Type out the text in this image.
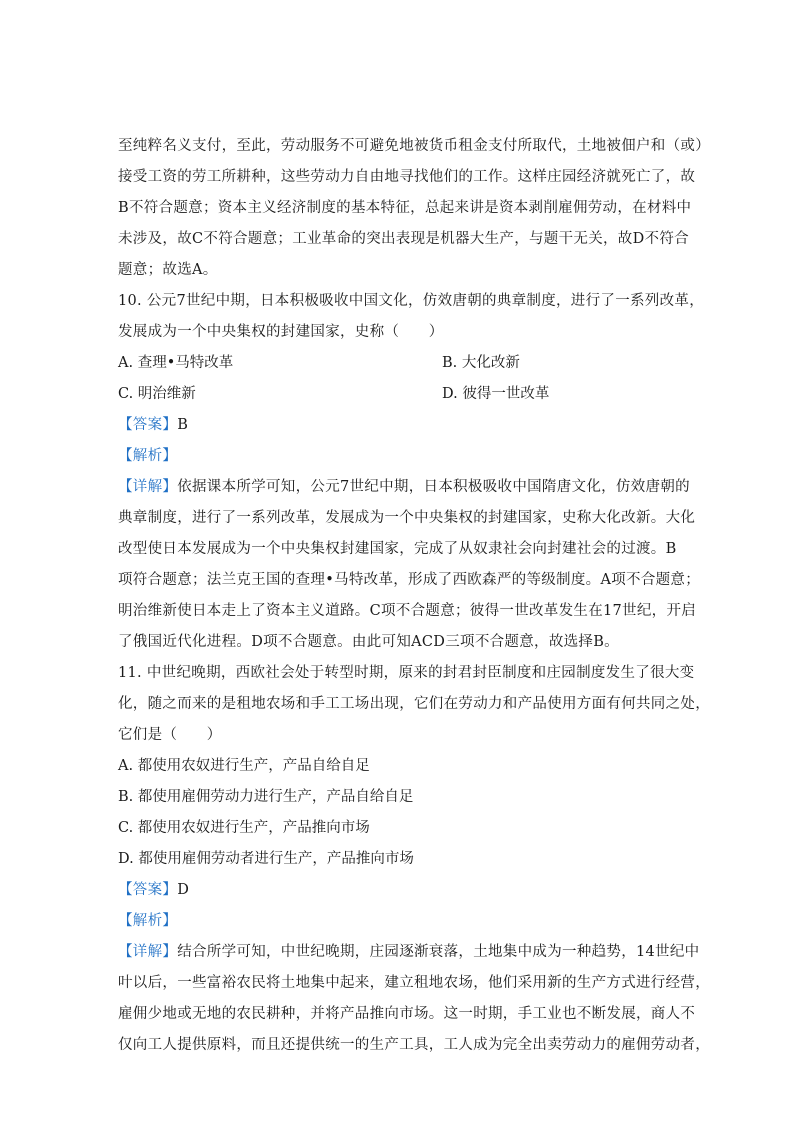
至纯粹名义支付，至此，劳动服务不可避免地被货币租金支付所取代，土地被佃户和（或）
接受工资的劳工所耕种，这些劳动力自由地寻找他们的工作。这样庄园经济就死亡了，故
B不符合题意；资本主义经济制度的基本特征，总起来讲是资本剥削雇佣劳动，在材料中
未涉及，故C不符合题意；工业革命的突出表现是机器大生产，与题干无关，故D不符合
题意；故选A。
10. 公元7世纪中期，日本积极吸收中国文化，仿效唐朝的典章制度，进行了一系列改革，
发展成为一个中央集权的封建国家，史称（　　）
A. 查理•马特改革	B. 大化改新
C. 明治维新	D. 彼得一世改革
【答案】B
【解析】
【详解】依据课本所学可知，公元7世纪中期，日本积极吸收中国隋唐文化，仿效唐朝的
典章制度，进行了一系列改革，发展成为一个中央集权的封建国家，史称大化改新。大化
改型使日本发展成为一个中央集权封建国家，完成了从奴隶社会向封建社会的过渡。B
项符合题意；法兰克王国的查理•马特改革，形成了西欧森严的等级制度。A项不合题意；
明治维新使日本走上了资本主义道路。C项不合题意；彼得一世改革发生在17世纪，开启
了俄国近代化进程。D项不合题意。由此可知ACD三项不合题意，故选择B。
11. 中世纪晚期，西欧社会处于转型时期，原来的封君封臣制度和庄园制度发生了很大变
化，随之而来的是租地农场和手工工场出现，它们在劳动力和产品使用方面有何共同之处，
它们是（　　）
A. 都使用农奴进行生产，产品自给自足
B. 都使用雇佣劳动力进行生产，产品自给自足
C. 都使用农奴进行生产，产品推向市场
D. 都使用雇佣劳动者进行生产，产品推向市场
【答案】D
【解析】
【详解】结合所学可知，中世纪晚期，庄园逐渐衰落，土地集中成为一种趋势，14世纪中
叶以后，一些富裕农民将土地集中起来，建立租地农场，他们采用新的生产方式进行经营，
雇佣少地或无地的农民耕种，并将产品推向市场。这一时期，手工业也不断发展，商人不
仅向工人提供原料，而且还提供统一的生产工具，工人成为完全出卖劳动力的雇佣劳动者，
